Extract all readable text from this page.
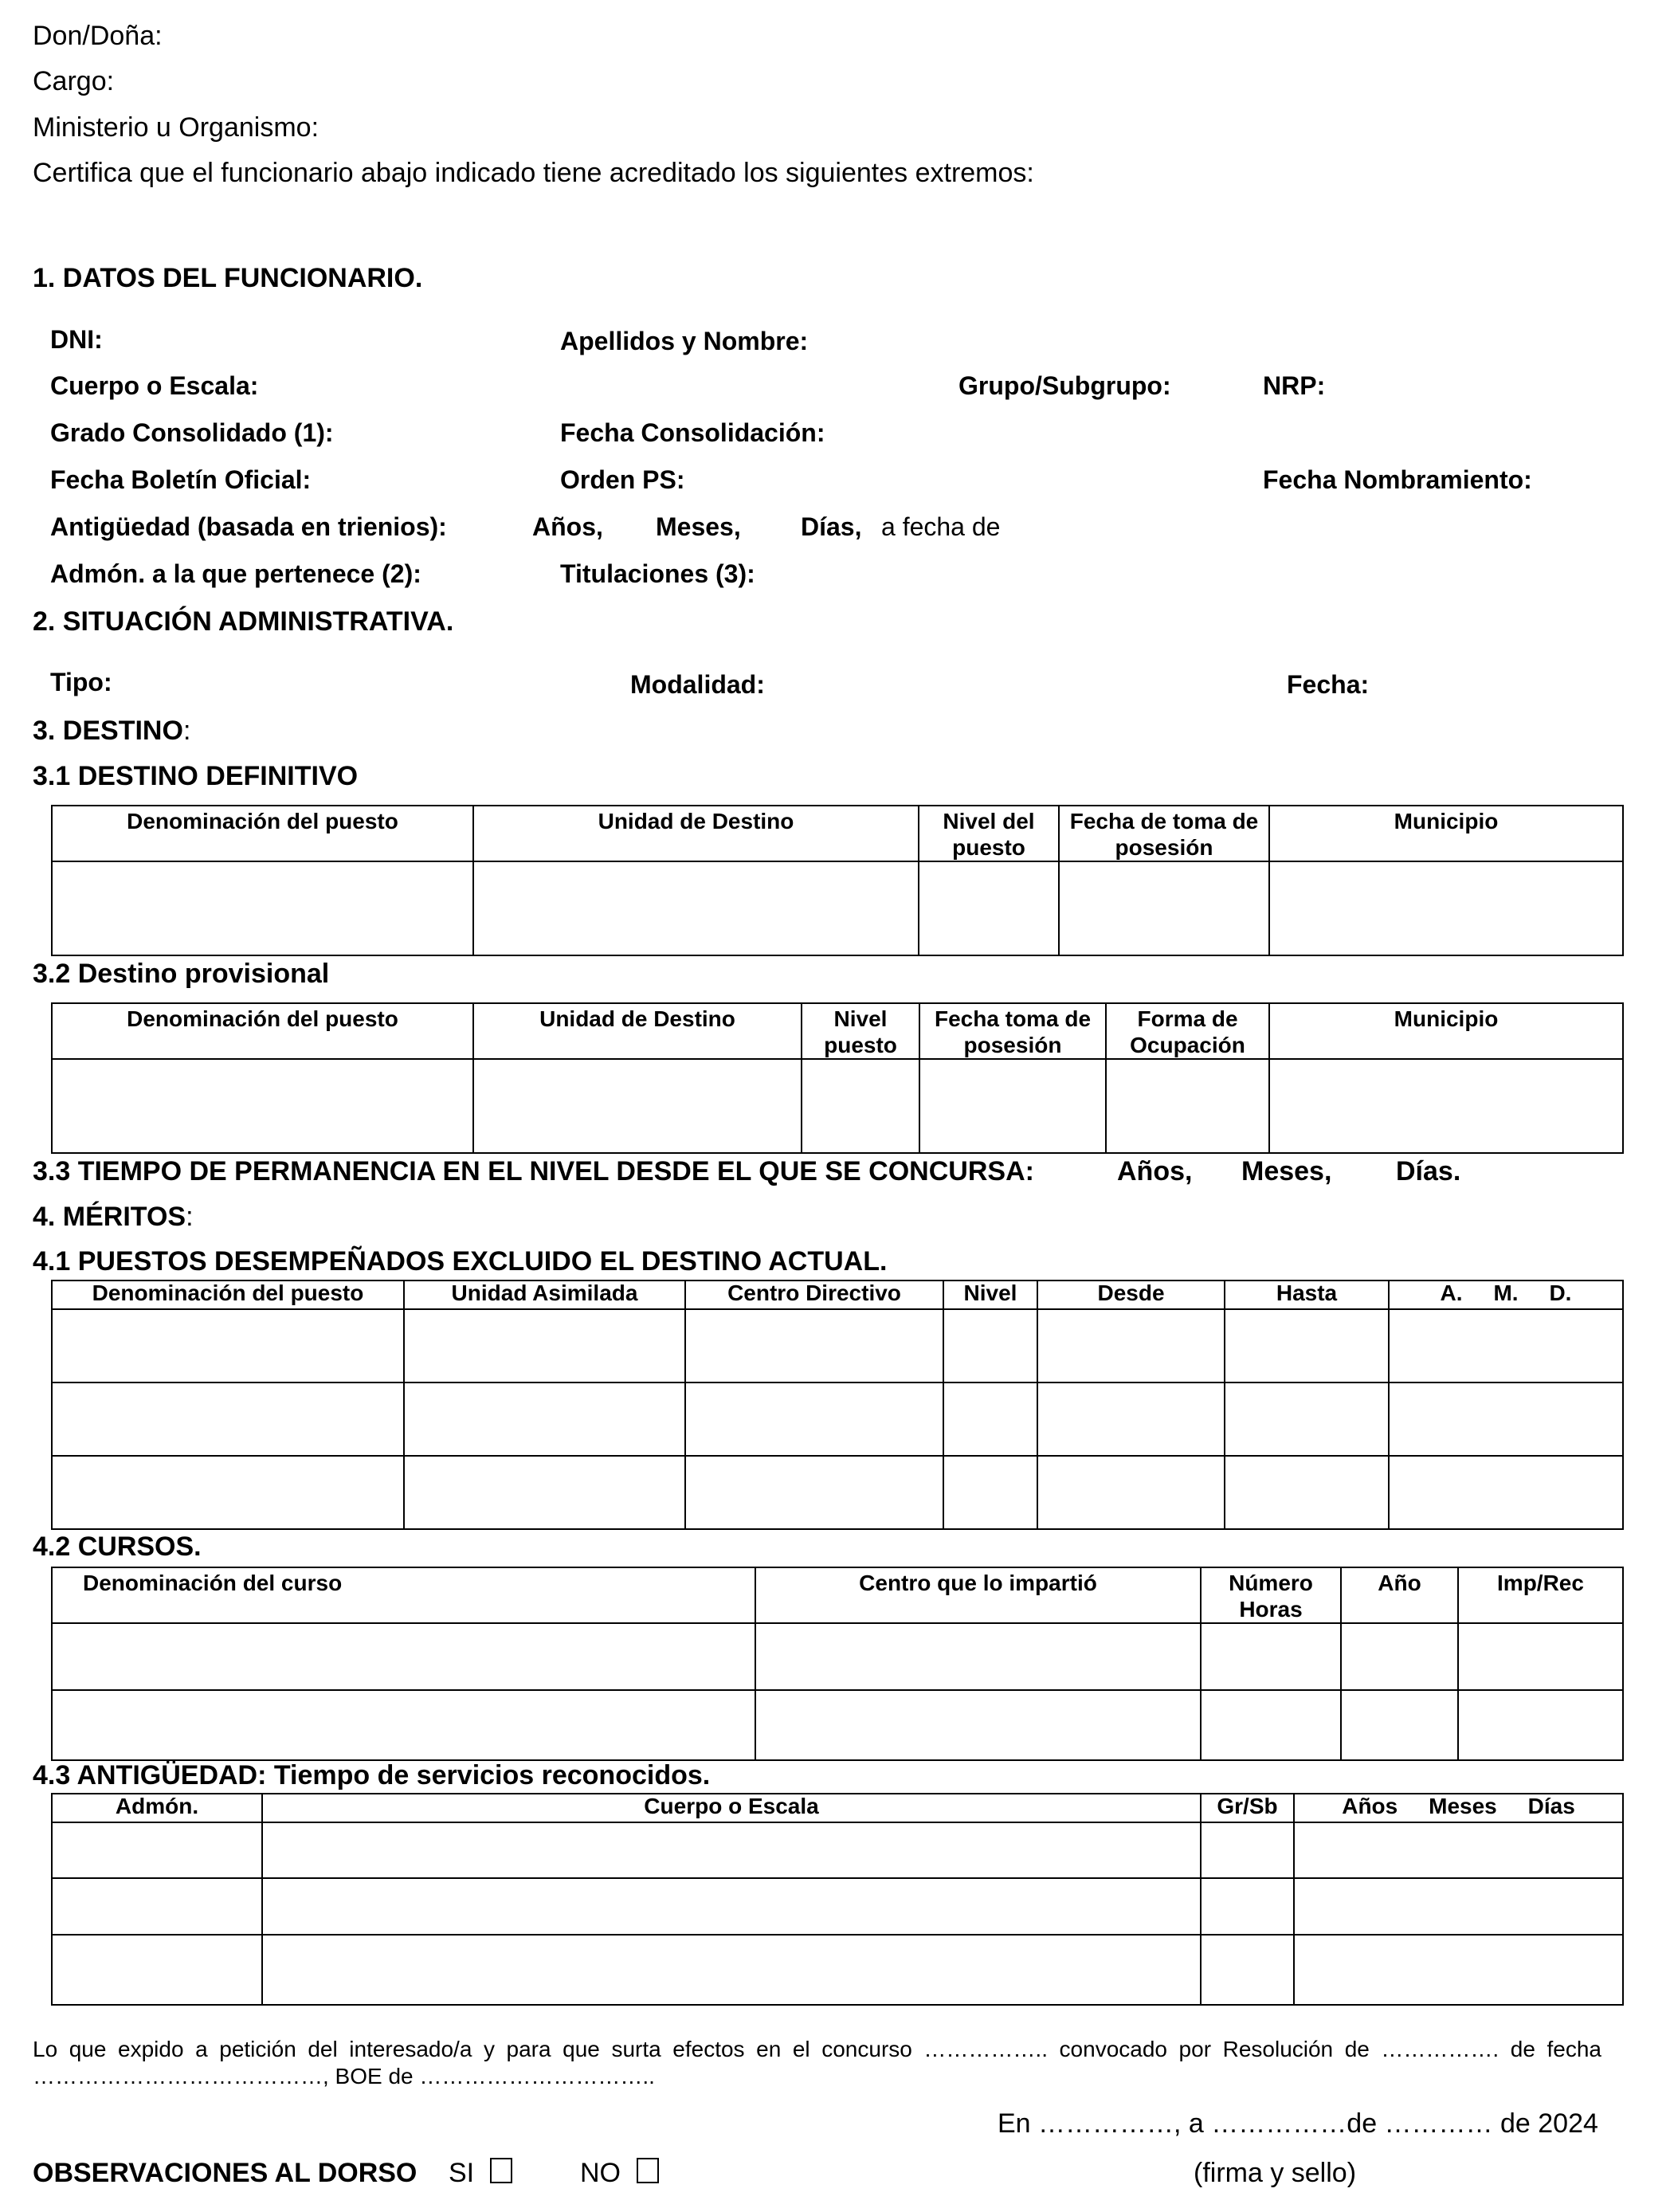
Don/Doña:
Cargo:
Ministerio u Organismo:
Certifica que el funcionario abajo indicado tiene acreditado los siguientes extremos:
1. DATOS DEL FUNCIONARIO.
DNI:	Apellidos y Nombre:
Cuerpo o Escala:	Grupo/Subgrupo:	NRP:
Grado Consolidado (1):	Fecha Consolidación:
Fecha Boletín Oficial:	Orden PS:	Fecha Nombramiento:
Antigüedad (basada en trienios):	Años, Meses, Días, a fecha de
Admón. a la que pertenece (2):	Titulaciones (3):
2. SITUACIÓN ADMINISTRATIVA.
Tipo:	Modalidad:	Fecha:
3. DESTINO:
3.1 DESTINO DEFINITIVO
Denominación del puesto	Unidad de Destino	Nivel del puesto	Fecha de toma de posesión	Municipio

3.2 Destino provisional
Denominación del puesto	Unidad de Destino	Nivel puesto	Fecha toma de posesión	Forma de Ocupación	Municipio

3.3 TIEMPO DE PERMANENCIA EN EL NIVEL DESDE EL QUE SE CONCURSA:	Años, Meses, Días.
4. MÉRITOS:
4.1 PUESTOS DESEMPEÑADOS EXCLUIDO EL DESTINO ACTUAL.
Denominación del puesto	Unidad Asimilada	Centro Directivo	Nivel	Desde	Hasta	A.     M.     D.

4.2 CURSOS.
Denominación del curso	Centro que lo impartió	Número Horas	Año	Imp/Rec

4.3 ANTIGÜEDAD: Tiempo de servicios reconocidos.
Admón.	Cuerpo o Escala	Gr/Sb	Años     Meses     Días

Lo que expido a petición del interesado/a y para que surta efectos en el concurso …………….. convocado por Resolución de ……………. de fecha …………………………………, BOE de …………………………..
En ……………, a ……………de ………… de 2024
OBSERVACIONES AL DORSO SI	NO	(firma y sello)
